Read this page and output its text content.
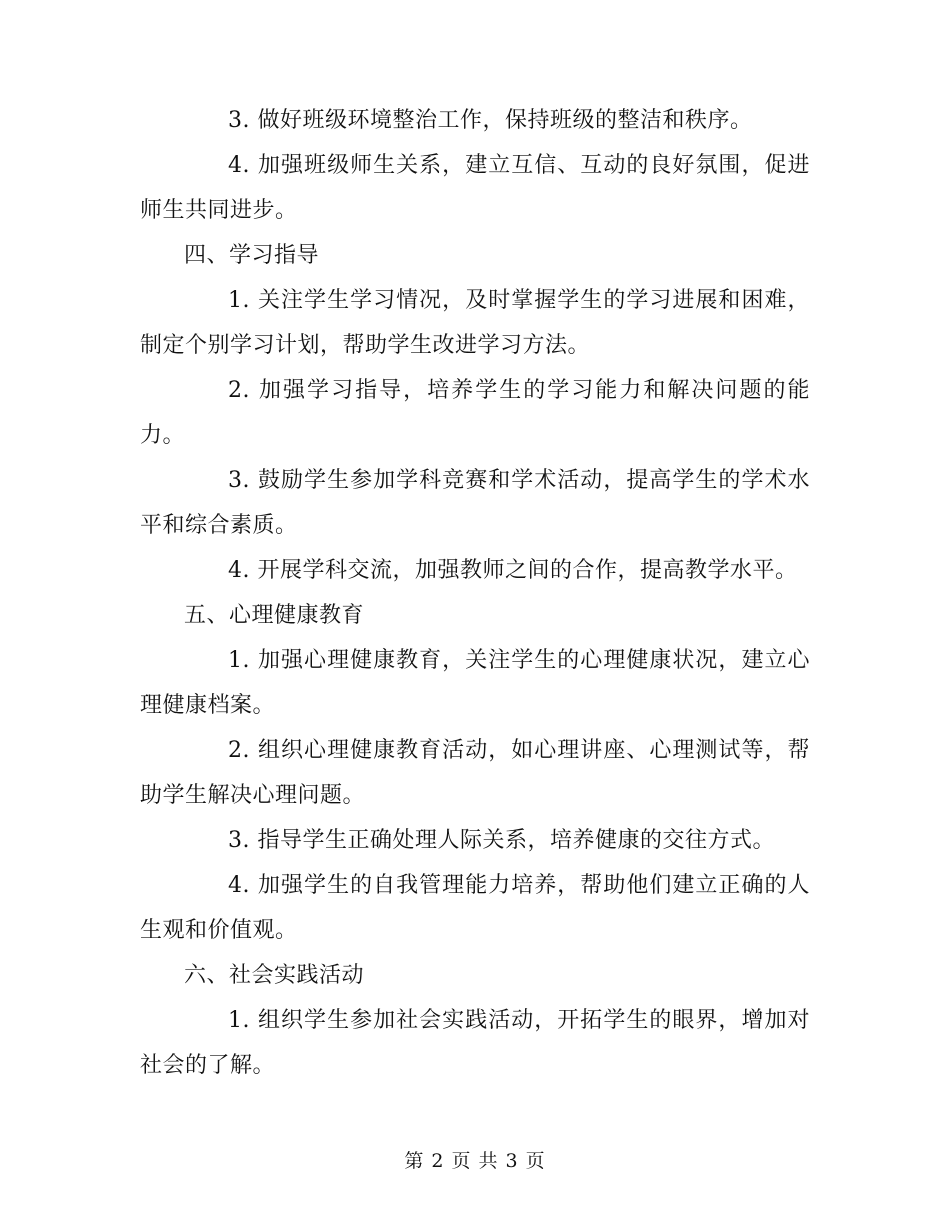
3. 做好班级环境整治工作，保持班级的整洁和秩序。

4. 加强班级师生关系，建立互信、互动的良好氛围，促进师生共同进步。

四、学习指导

1. 关注学生学习情况，及时掌握学生的学习进展和困难，制定个别学习计划，帮助学生改进学习方法。

2. 加强学习指导，培养学生的学习能力和解决问题的能力。

3. 鼓励学生参加学科竞赛和学术活动，提高学生的学术水平和综合素质。

4. 开展学科交流，加强教师之间的合作，提高教学水平。

五、心理健康教育

1. 加强心理健康教育，关注学生的心理健康状况，建立心理健康档案。

2. 组织心理健康教育活动，如心理讲座、心理测试等，帮助学生解决心理问题。

3. 指导学生正确处理人际关系，培养健康的交往方式。

4. 加强学生的自我管理能力培养，帮助他们建立正确的人生观和价值观。

六、社会实践活动

1. 组织学生参加社会实践活动，开拓学生的眼界，增加对社会的了解。

第 2 页 共 3 页
